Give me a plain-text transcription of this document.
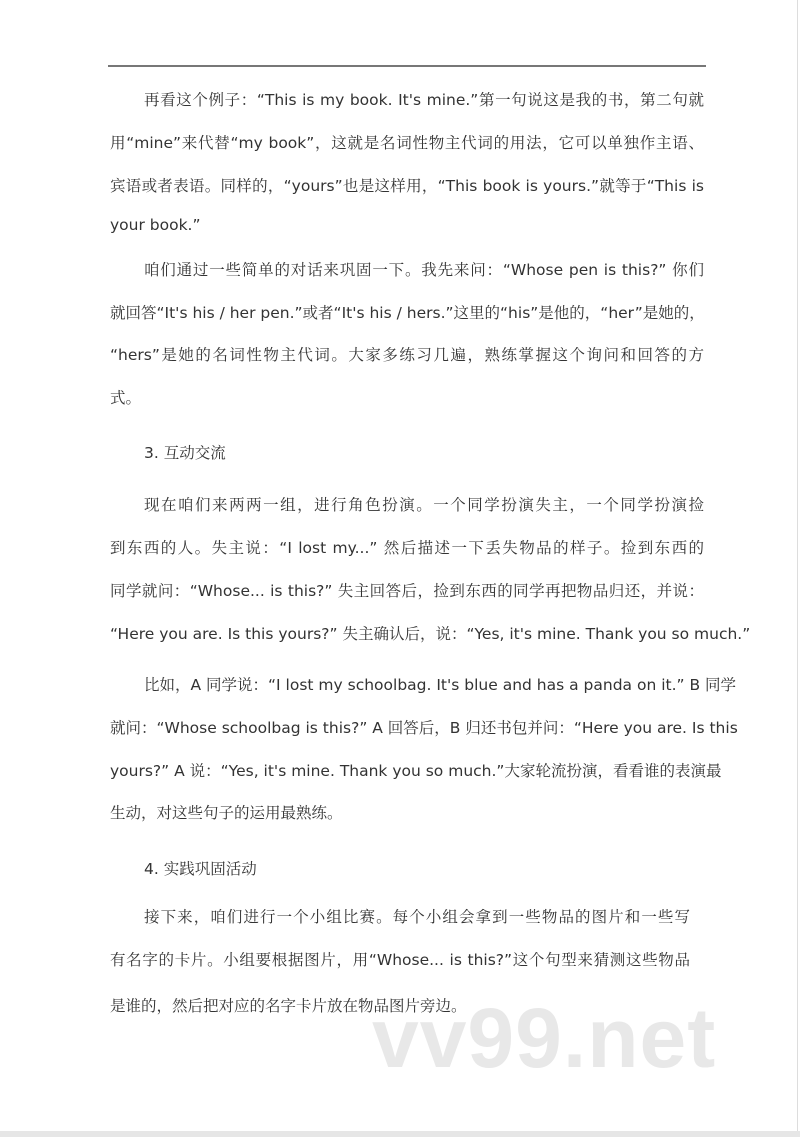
再看这个例子：“This is my book. It's mine.”第一句说这是我的书，第二句就
用“mine”来代替“my book”，这就是名词性物主代词的用法，它可以单独作主语、
宾语或者表语。同样的，“yours”也是这样用，“This book is yours.”就等于“This is
your book.”
咱们通过一些简单的对话来巩固一下。我先来问：“Whose pen is this?” 你们
就回答“It's his / her pen.”或者“It's his / hers.”这里的“his”是他的，“her”是她的，
“hers”是她的名词性物主代词。大家多练习几遍，熟练掌握这个询问和回答的方
式。
3. 互动交流
现在咱们来两两一组，进行角色扮演。一个同学扮演失主，一个同学扮演捡
到东西的人。失主说：“I lost my...” 然后描述一下丢失物品的样子。捡到东西的
同学就问：“Whose... is this?” 失主回答后，捡到东西的同学再把物品归还，并说：
“Here you are. Is this yours?” 失主确认后，说：“Yes, it's mine. Thank you so much.”
比如，A 同学说：“I lost my schoolbag. It's blue and has a panda on it.” B 同学
就问：“Whose schoolbag is this?” A 回答后，B 归还书包并问：“Here you are. Is this
yours?” A 说：“Yes, it's mine. Thank you so much.”大家轮流扮演，看看谁的表演最
生动，对这些句子的运用最熟练。
4. 实践巩固活动
接下来，咱们进行一个小组比赛。每个小组会拿到一些物品的图片和一些写
有名字的卡片。小组要根据图片，用“Whose... is this?”这个句型来猜测这些物品
是谁的，然后把对应的名字卡片放在物品图片旁边。
vv99.net
